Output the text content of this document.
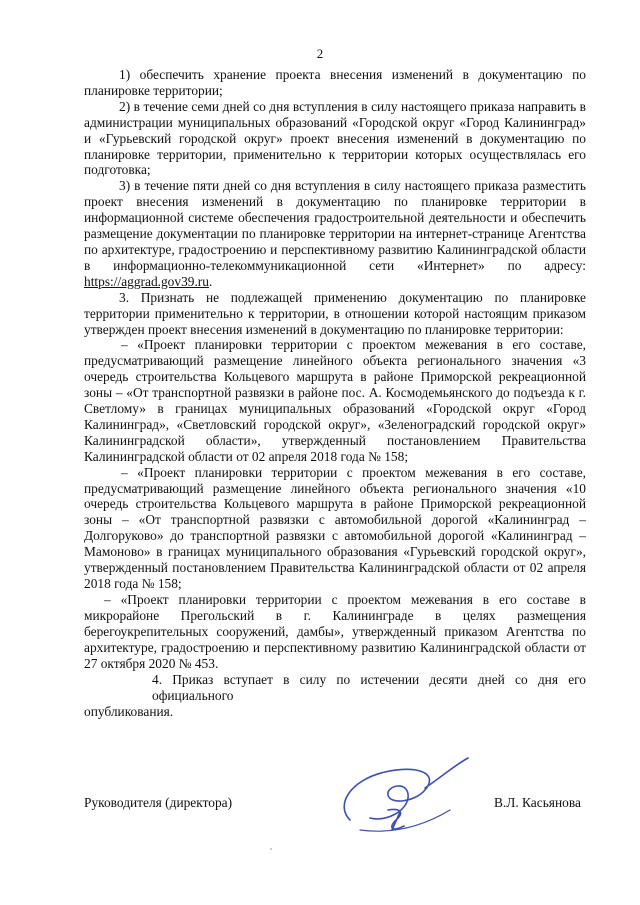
2

1) обеспечить хранение проекта внесения изменений в документацию по планировке территории;

2) в течение семи дней со дня вступления в силу настоящего приказа направить в администрации муниципальных образований «Городской округ «Город Калининград» и «Гурьевский городской округ» проект внесения изменений в документацию по планировке территории, применительно к территории которых осуществлялась его подготовка;

3) в течение пяти дней со дня вступления в силу настоящего приказа разместить проект внесения изменений в документацию по планировке территории в информационной системе обеспечения градостроительной деятельности и обеспечить размещение документации по планировке территории на интернет-странице Агентства по архитектуре, градостроению и перспективному развитию Калининградской области в информационно-телекоммуникационной сети «Интернет» по адресу: https://aggrad.gov39.ru.

3. Признать не подлежащей применению документацию по планировке территории применительно к территории, в отношении которой настоящим приказом утвержден проект внесения изменений в документацию по планировке территории:

– «Проект планировки территории с проектом межевания в его составе, предусматривающий размещение линейного объекта регионального значения «3 очередь строительства Кольцевого маршрута в районе Приморской рекреационной зоны – «От транспортной развязки в районе пос. А. Космодемьянского до подъезда к г. Светлому» в границах муниципальных образований «Городской округ «Город Калининград», «Светловский городской округ», «Зеленоградский городской округ» Калининградской области», утвержденный постановлением Правительства Калининградской области от 02 апреля 2018 года № 158;

– «Проект планировки территории с проектом межевания в его составе, предусматривающий размещение линейного объекта регионального значения «10 очередь строительства Кольцевого маршрута в районе Приморской рекреационной зоны – «От транспортной развязки с автомобильной дорогой «Калининград – Долгоруково» до транспортной развязки с автомобильной дорогой «Калининград – Мамоново» в границах муниципального образования «Гурьевский городской округ», утвержденный постановлением Правительства Калининградской области от 02 апреля 2018 года № 158;

– «Проект планировки территории с проектом межевания в его составе в микрорайоне Прегольский в г. Калининграде в целях размещения берегоукрепительных сооружений, дамбы», утвержденный приказом Агентства по архитектуре, градостроению и перспективному развитию Калининградской области от 27 октября 2020 № 453.

4. Приказ вступает в силу по истечении десяти дней со дня его официального
опубликования.

Руководителя (директора)	В.Л. Касьянова
